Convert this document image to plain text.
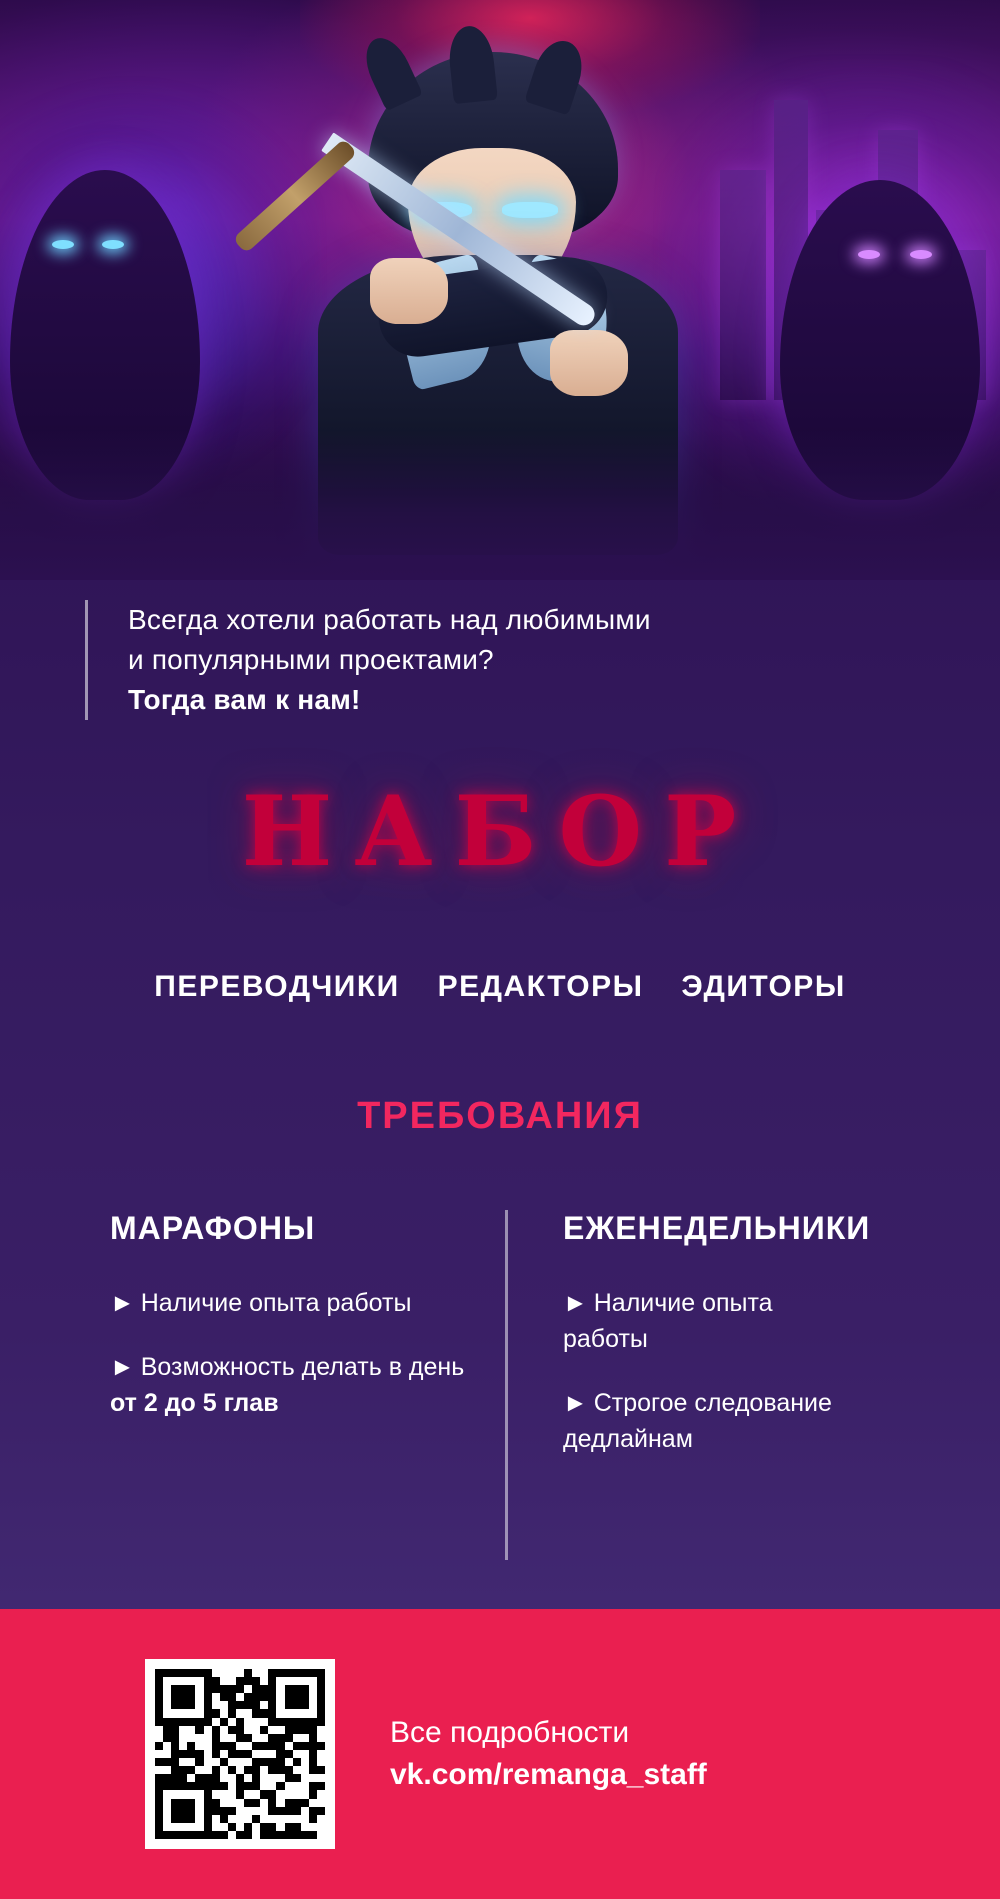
Всегда хотели работать над любимыми

и популярными проектами?

Тогда вам к нам!

НАБОР
ПЕРЕВОДЧИКИ РЕДАКТОРЫ ЭДИТОРЫ
ТРЕБОВАНИЯ
МАРАФОНЫ
► Наличие опыта работы
► Возможность делать в день от 2 до 5 глав
ЕЖЕНЕДЕЛЬНИКИ
► Наличие опыта работы
► Строгое следование дедлайнам
Все подробности
vk.com/remanga_staff
